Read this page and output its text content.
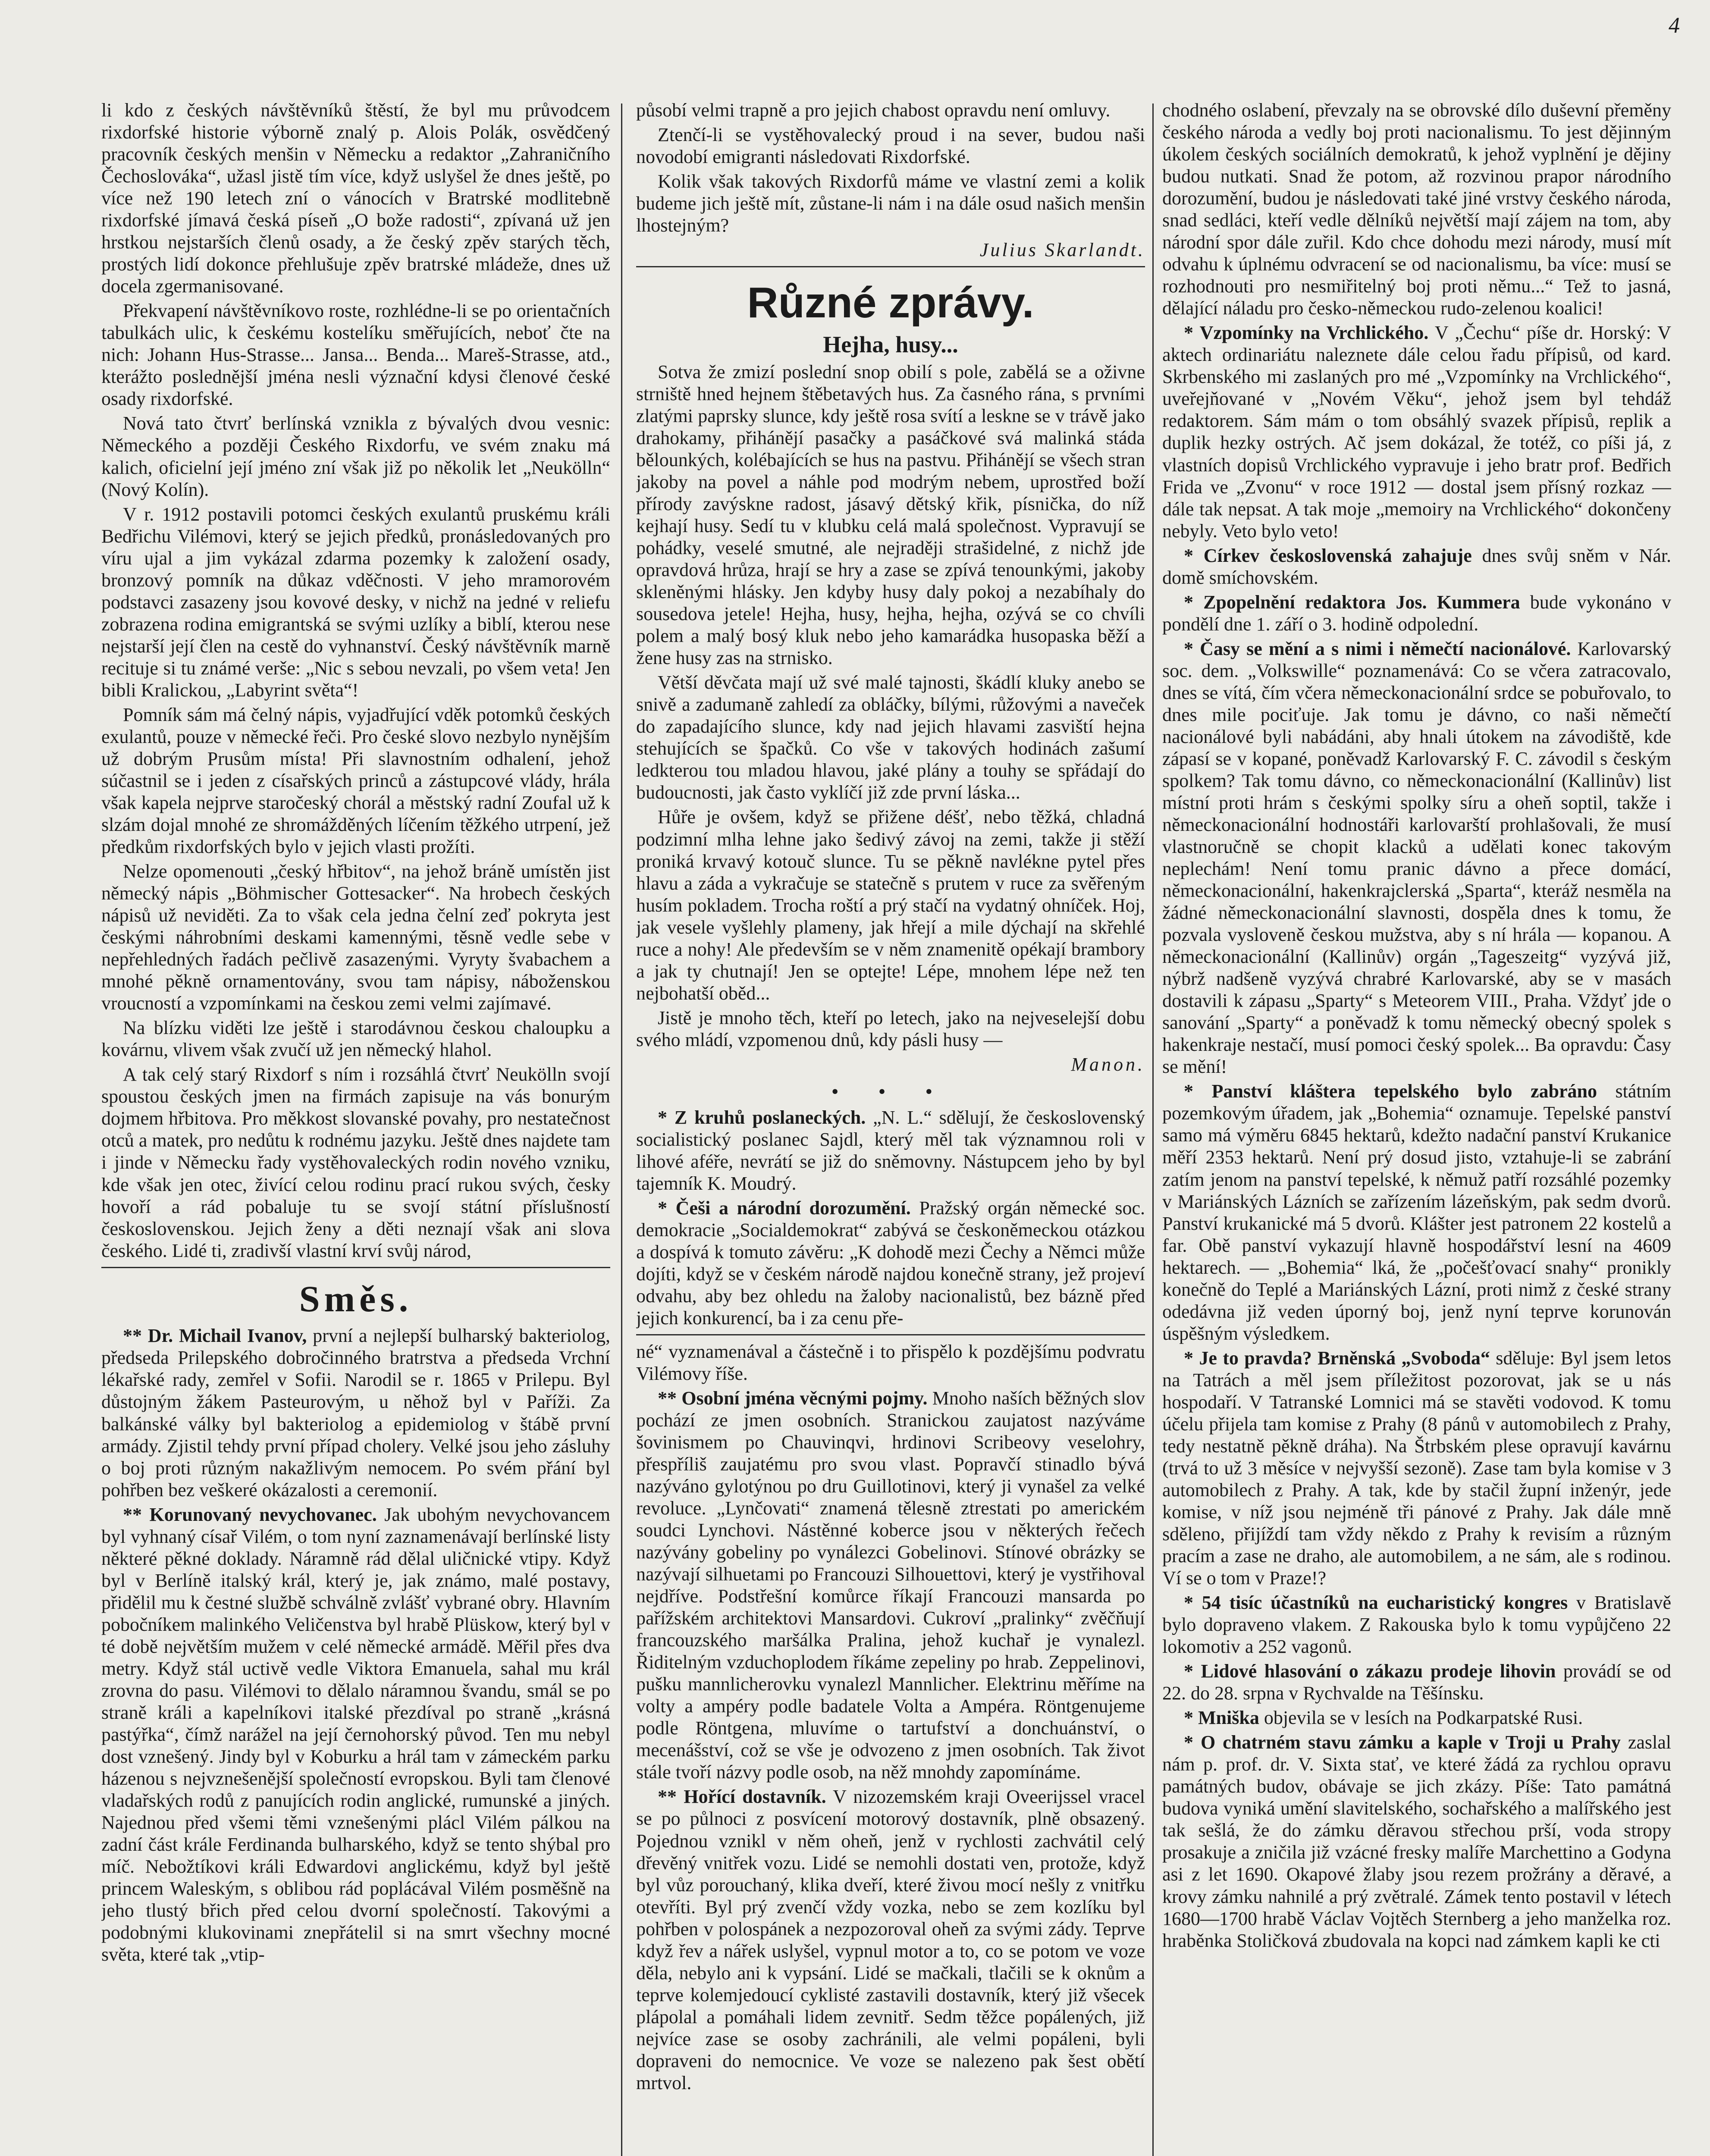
4

li kdo z českých návštěvníků štěstí, že byl mu průvodcem rixdorfské historie výborně znalý p. Alois Polák, osvědčený pracovník českých menšin v Německu a redaktor „Zahraničního Čechoslováka“, užasl jistě tím více, když uslyšel že dnes ještě, po více než 190 letech zní o vánocích v Bratrské modlitebně rixdorfské jímavá česká píseň „O bože radosti“, zpívaná už jen hrstkou nejstarších členů osady, a že český zpěv starých těch, prostých lidí dokonce přehlušuje zpěv bratrské mládeže, dnes už docela zgermanisované.

Překvapení návštěvníkovo roste, rozhlédne-li se po orientačních tabulkách ulic, k českému kostelíku směřujících, neboť čte na nich: Johann Hus-Strasse... Jansa... Benda... Mareš-Strasse, atd., kterážto poslednější jména nesli význační kdysi členové české osady rixdorfské.

Nová tato čtvrť berlínská vznikla z bývalých dvou vesnic: Německého a později Českého Rixdorfu, ve svém znaku má kalich, oficielní její jméno zní však již po několik let „Neukölln“ (Nový Kolín).

V r. 1912 postavili potomci českých exulantů pruskému králi Bedřichu Vilémovi, který se jejich předků, pronásledovaných pro víru ujal a jim vykázal zdarma pozemky k založení osady, bronzový pomník na důkaz vděčnosti. V jeho mramorovém podstavci zasazeny jsou kovové desky, v nichž na jedné v reliefu zobrazena rodina emigrantská se svými uzlíky a biblí, kterou nese nejstarší její člen na cestě do vyhnanství. Český návštěvník marně recituje si tu známé verše: „Nic s sebou nevzali, po všem veta! Jen bibli Kralickou, „Labyrint světa“!

Pomník sám má čelný nápis, vyjadřující vděk potomků českých exulantů, pouze v německé řeči. Pro české slovo nezbylo nynějším už dobrým Prusům místa! Při slavnostním odhalení, jehož súčastnil se i jeden z císařských princů a zástupcové vlády, hrála však kapela nejprve staročeský chorál a městský radní Zoufal už k slzám dojal mnohé ze shromážděných líčením těžkého utrpení, jež předkům rixdorfských bylo v jejich vlasti prožíti.

Nelze opomenouti „český hřbitov“, na jehož bráně umístěn jist německý nápis „Böhmischer Gottesacker“. Na hrobech českých nápisů už neviděti. Za to však cela jedna čelní zeď pokryta jest českými náhrobními deskami kamennými, těsně vedle sebe v nepřehledných řadách pečlivě zasazenými. Vyryty švabachem a mnohé pěkně ornamentovány, svou tam nápisy, náboženskou vroucností a vzpomínkami na českou zemi velmi zajímavé.

Na blízku viděti lze ještě i starodávnou českou chaloupku a kovárnu, vlivem však zvučí už jen německý hlahol.

A tak celý starý Rixdorf s ním i rozsáhlá čtvrť Neukölln svojí spoustou českých jmen na firmách zapisuje na vás bonurým dojmem hřbitova. Pro měkkost slovanské povahy, pro nestatečnost otců a matek, pro nedůtu k rodnému jazyku. Ještě dnes najdete tam i jinde v Německu řady vystěhovaleckých rodin nového vzniku, kde však jen otec, živící celou rodinu prací rukou svých, česky hovoří a rád pobaluje tu se svojí státní příslušností československou. Jejich ženy a děti neznají však ani slova českého. Lidé ti, zradivší vlastní krví svůj národ,

Směs.

** Dr. Michail Ivanov, první a nejlepší bulharský bakteriolog, předseda Prilepského dobročinného bratrstva a předseda Vrchní lékařské rady, zemřel v Sofii. Narodil se r. 1865 v Prilepu. Byl důstojným žákem Pasteurovým, u něhož byl v Paříži. Za balkánské války byl bakteriolog a epidemiolog v štábě první armády. Zjistil tehdy první případ cholery. Velké jsou jeho zásluhy o boj proti různým nakažlivým nemocem. Po svém přání byl pohřben bez veškeré okázalosti a ceremonií.

** Korunovaný nevychovanec. Jak ubohým nevychovancem byl vyhnaný císař Vilém, o tom nyní zaznamenávají berlínské listy některé pěkné doklady. Náramně rád dělal uličnické vtipy. Když byl v Berlíně italský král, který je, jak známo, malé postavy, přidělil mu k čestné službě schválně zvlášť vybrané obry. Hlavním pobočníkem malinkého Veličenstva byl hrabě Plüskow, který byl v té době největším mužem v celé německé armádě. Měřil přes dva metry. Když stál uctivě vedle Viktora Emanuela, sahal mu král zrovna do pasu. Vilémovi to dělalo náramnou švandu, smál se po straně králi a kapelníkovi italské přezdíval po straně „krásná pastýřka“, čímž narážel na její černohorský původ. Ten mu nebyl dost vznešený. Jindy byl v Koburku a hrál tam v zámeckém parku házenou s nejvznešenější společností evropskou. Byli tam členové vladařských rodů z panujících rodin anglické, rumunské a jiných. Najednou před všemi těmi vznešenými plácl Vilém pálkou na zadní část krále Ferdinanda bulharského, když se tento shýbal pro míč. Nebožtíkovi králi Edwardovi anglickému, když byl ještě princem Waleským, s oblibou rád poplácával Vilém posměšně na jeho tlustý břich před celou dvorní společností. Takovými a podobnými klukovinami znepřátelil si na smrt všechny mocné světa, které tak „vtip-

působí velmi trapně a pro jejich chabost opravdu není omluvy.

Ztenčí-li se vystěhovalecký proud i na sever, budou naši novodobí emigranti následovati Rixdorfské.

Kolik však takových Rixdorfů máme ve vlastní zemi a kolik budeme jich ještě mít, zůstane-li nám i na dále osud našich menšin lhostejným?

Julius Skarlandt.
Různé zprávy.
Hejha, husy...

Sotva že zmizí poslední snop obilí s pole, zabělá se a oživne strniště hned hejnem štěbetavých hus. Za časného rána, s prvními zlatými paprsky slunce, kdy ještě rosa svítí a leskne se v trávě jako drahokamy, přihánějí pasačky a pasáčkové svá malinká stáda bělounkých, kolébajících se hus na pastvu. Přihánějí se všech stran jakoby na povel a náhle pod modrým nebem, uprostřed boží přírody zavýskne radost, jásavý dětský křik, písnička, do níž kejhají husy. Sedí tu v klubku celá malá společnost. Vypravují se pohádky, veselé smutné, ale nejraději strašidelné, z nichž jde opravdová hrůza, hrají se hry a zase se zpívá tenounkými, jakoby skleněnými hlásky. Jen kdyby husy daly pokoj a nezabíhaly do sousedova jetele! Hejha, husy, hejha, hejha, ozývá se co chvíli polem a malý bosý kluk nebo jeho kamarádka husopaska běží a žene husy zas na strnisko.

Větší děvčata mají už své malé tajnosti, škádlí kluky anebo se snivě a zadumaně zahledí za obláčky, bílými, růžovými a naveček do zapadajícího slunce, kdy nad jejich hlavami zasviští hejna stehujících se špačků. Co vše v takových hodinách zašumí ledkterou tou mladou hlavou, jaké plány a touhy se spřádají do budoucnosti, jak často vyklíčí již zde první láska...

Hůře je ovšem, když se přižene déšť, nebo těžká, chladná podzimní mlha lehne jako šedivý závoj na zemi, takže ji stěží proniká krvavý kotouč slunce. Tu se pěkně navlékne pytel přes hlavu a záda a vykračuje se statečně s prutem v ruce za svěřeným husím pokladem. Trocha roští a prý stačí na vydatný ohníček. Hoj, jak vesele vyšlehly plameny, jak hřejí a mile dýchají na skřehlé ruce a nohy! Ale především se v něm znamenitě opékají brambory a jak ty chutnají! Jen se optejte! Lépe, mnohem lépe než ten nejbohatší oběd...

Jistě je mnoho těch, kteří po letech, jako na nejveselejší dobu svého mládí, vzpomenou dnů, kdy pásli husy —

Manon.
• • •

* Z kruhů poslaneckých. „N. L.“ sdělují, že československý socialistický poslanec Sajdl, který měl tak významnou roli v lihové aféře, nevrátí se již do sněmovny. Nástupcem jeho by byl tajemník K. Moudrý.

* Češi a národní dorozumění. Pražský orgán německé soc. demokracie „Socialdemokrat“ zabývá se českoněmeckou otázkou a dospívá k tomuto závěru: „K dohodě mezi Čechy a Němci může dojíti, když se v českém národě najdou konečně strany, jež projeví odvahu, aby bez ohledu na žaloby nacionalistů, bez bázně před jejich konkurencí, ba i za cenu pře-

né“ vyznamenával a částečně i to přispělo k pozdějšímu podvratu Vilémovy říše.

** Osobní jména věcnými pojmy. Mnoho naších běžných slov pochází ze jmen osobních. Stranickou zaujatost nazýváme šovinismem po Chauvinqvi, hrdinovi Scribeovy veselohry, přespříliš zaujatému pro svou vlast. Popravčí stinadlo bývá nazýváno gylotýnou po dru Guillotinovi, který ji vynašel za velké revoluce. „Lynčovati“ znamená tělesně ztrestati po americkém soudci Lynchovi. Nástěnné koberce jsou v některých řečech nazývány gobeliny po vynálezci Gobelinovi. Stínové obrázky se nazývají silhuetami po Francouzi Silhouettovi, který je vystřihoval nejdříve. Podstřešní komůrce říkají Francouzi mansarda po pařížském architektovi Mansardovi. Cukroví „pralinky“ zvěčňují francouzského maršálka Pralina, jehož kuchař je vynalezl. Řiditelným vzduchoplodem říkáme zepeliny po hrab. Zeppelinovi, pušku mannlicherovku vynalezl Mannlicher. Elektrinu měříme na volty a ampéry podle badatele Volta a Ampéra. Röntgenujeme podle Röntgena, mluvíme o tartufství a donchuánství, o mecenášství, což se vše je odvozeno z jmen osobních. Tak život stále tvoří názvy podle osob, na něž mnohdy zapomínáme.

** Hořící dostavník. V nizozemském kraji Oveerijssel vracel se po půlnoci z posvícení motorový dostavník, plně obsazený. Pojednou vznikl v něm oheň, jenž v rychlosti zachvátil celý dřevěný vnitřek vozu. Lidé se nemohli dostati ven, protože, když byl vůz porouchaný, klika dveří, které živou mocí nešly z vnitřku otevříti. Byl prý zvenčí vždy vozka, nebo se zem kozlíku byl pohřben v polospánek a nezpozoroval oheň za svými zády. Teprve když řev a nářek uslyšel, vypnul motor a to, co se potom ve voze děla, nebylo ani k vypsání. Lidé se mačkali, tlačili se k oknům a teprve kolemjedoucí cyklisté zastavili dostavník, který již všecek plápolal a pomáhali lidem zevnitř. Sedm těžce popálených, již nejvíce zase se osoby zachránili, ale velmi popáleni, byli dopraveni do nemocnice. Ve voze se nalezeno pak šest obětí mrtvol.

chodného oslabení, převzaly na se obrovské dílo duševní přeměny českého národa a vedly boj proti nacionalismu. To jest dějinným úkolem českých sociálních demokratů, k jehož vyplnění je dějiny budou nutkati. Snad že potom, až rozvinou prapor národního dorozumění, budou je následovati také jiné vrstvy českého národa, snad sedláci, kteří vedle dělníků největší mají zájem na tom, aby národní spor dále zuřil. Kdo chce dohodu mezi národy, musí mít odvahu k úplnému odvracení se od nacionalismu, ba více: musí se rozhodnouti pro nesmiřitelný boj proti němu...“ Tež to jasná, dělající náladu pro česko-německou rudo-zelenou koalici!

* Vzpomínky na Vrchlického. V „Čechu“ píše dr. Horský: V aktech ordinariátu naleznete dále celou řadu přípisů, od kard. Skrbenského mi zaslaných pro mé „Vzpomínky na Vrchlického“, uveřejňované v „Novém Věku“, jehož jsem byl tehdáž redaktorem. Sám mám o tom obsáhlý svazek přípisů, replik a duplik hezky ostrých. Ač jsem dokázal, že totéž, co píši já, z vlastních dopisů Vrchlického vypravuje i jeho bratr prof. Bedřich Frida ve „Zvonu“ v roce 1912 — dostal jsem přísný rozkaz — dále tak nepsat. A tak moje „memoiry na Vrchlického“ dokončeny nebyly. Veto bylo veto!

* Církev československá zahajuje dnes svůj sněm v Nár. domě smíchovském.

* Zpopelnění redaktora Jos. Kummera bude vykonáno v pondělí dne 1. září o 3. hodině odpolední.

* Časy se mění a s nimi i němečtí nacionálové. Karlovarský soc. dem. „Volkswille“ poznamenává: Co se včera zatracovalo, dnes se vítá, čím včera německonacionální srdce se pobuřovalo, to dnes mile pociťuje. Jak tomu je dávno, co naši němečtí nacionálové byli nabádáni, aby hnali útokem na závodiště, kde zápasí se v kopané, poněvadž Karlovarský F. C. závodil s českým spolkem? Tak tomu dávno, co německonacionální (Kallinův) list místní proti hrám s českými spolky síru a oheň soptil, takže i německonacionální hodnostáři karlovarští prohlašovali, že musí vlastnoručně se chopit klacků a udělati konec takovým neplechám! Není tomu pranic dávno a přece domácí, německonacionální, hakenkrajclerská „Sparta“, kteráž nesměla na žádné německonacionální slavnosti, dospěla dnes k tomu, že pozvala vysloveně českou mužstva, aby s ní hrála — kopanou. A německonacionální (Kallinův) orgán „Tageszeitg“ vyzývá již, nýbrž nadšeně vyzývá chrabré Karlovarské, aby se v masách dostavili k zápasu „Sparty“ s Meteorem VIII., Praha. Vždyť jde o sanování „Sparty“ a poněvadž k tomu německý obecný spolek s hakenkraje nestačí, musí pomoci český spolek... Ba opravdu: Časy se mění!

* Panství kláštera tepelského bylo zabráno státním pozemkovým úřadem, jak „Bohemia“ oznamuje. Tepelské panství samo má výměru 6845 hektarů, kdežto nadační panství Krukanice měří 2353 hektarů. Není prý dosud jisto, vztahuje-li se zabrání zatím jenom na panství tepelské, k němuž patří rozsáhlé pozemky v Mariánských Lázních se zařízením lázeňským, pak sedm dvorů. Panství krukanické má 5 dvorů. Klášter jest patronem 22 kostelů a far. Obě panství vykazují hlavně hospodářství lesní na 4609 hektarech. — „Bohemia“ lká, že „počešťovací snahy“ pronikly konečně do Teplé a Mariánských Lázní, proti nimž z české strany odedávna již veden úporný boj, jenž nyní teprve korunován úspěšným výsledkem.

* Je to pravda? Brněnská „Svoboda“ sděluje: Byl jsem letos na Tatrách a měl jsem příležitost pozorovat, jak se u nás hospodaří. V Tatranské Lomnici má se stavěti vodovod. K tomu účelu přijela tam komise z Prahy (8 pánů v automobilech z Prahy, tedy nestatně pěkně dráha). Na Štrbském plese opravují kavárnu (trvá to už 3 měsíce v nejvyšší sezoně). Zase tam byla komise v 3 automobilech z Prahy. A tak, kde by stačil župní inženýr, jede komise, v níž jsou nejméně tři pánové z Prahy. Jak dále mně sděleno, přijíždí tam vždy někdo z Prahy k revisím a různým pracím a zase ne draho, ale automobilem, a ne sám, ale s rodinou. Ví se o tom v Praze!?

* 54 tisíc účastníků na eucharistický kongres v Bratislavě bylo dopraveno vlakem. Z Rakouska bylo k tomu vypůjčeno 22 lokomotiv a 252 vagonů.

* Lidové hlasování o zákazu prodeje lihovin provádí se od 22. do 28. srpna v Rychvalde na Těšínsku.

* Mniška objevila se v lesích na Podkarpatské Rusi.

* O chatrném stavu zámku a kaple v Troji u Prahy zaslal nám p. prof. dr. V. Sixta stať, ve které žádá za rychlou opravu památných budov, obávaje se jich zkázy. Píše: Tato památná budova vyniká umění slavitelského, sochařského a malířského jest tak sešlá, že do zámku děravou střechou prší, voda stropy prosakuje a zničila již vzácné fresky malíře Marchettino a Godyna asi z let 1690. Okapové žlaby jsou rezem prožrány a děravé, a krovy zámku nahnilé a prý zvětralé. Zámek tento postavil v létech 1680—1700 hrabě Václav Vojtěch Sternberg a jeho manželka roz. hraběnka Stoličková zbudovala na kopci nad zámkem kapli ke cti
